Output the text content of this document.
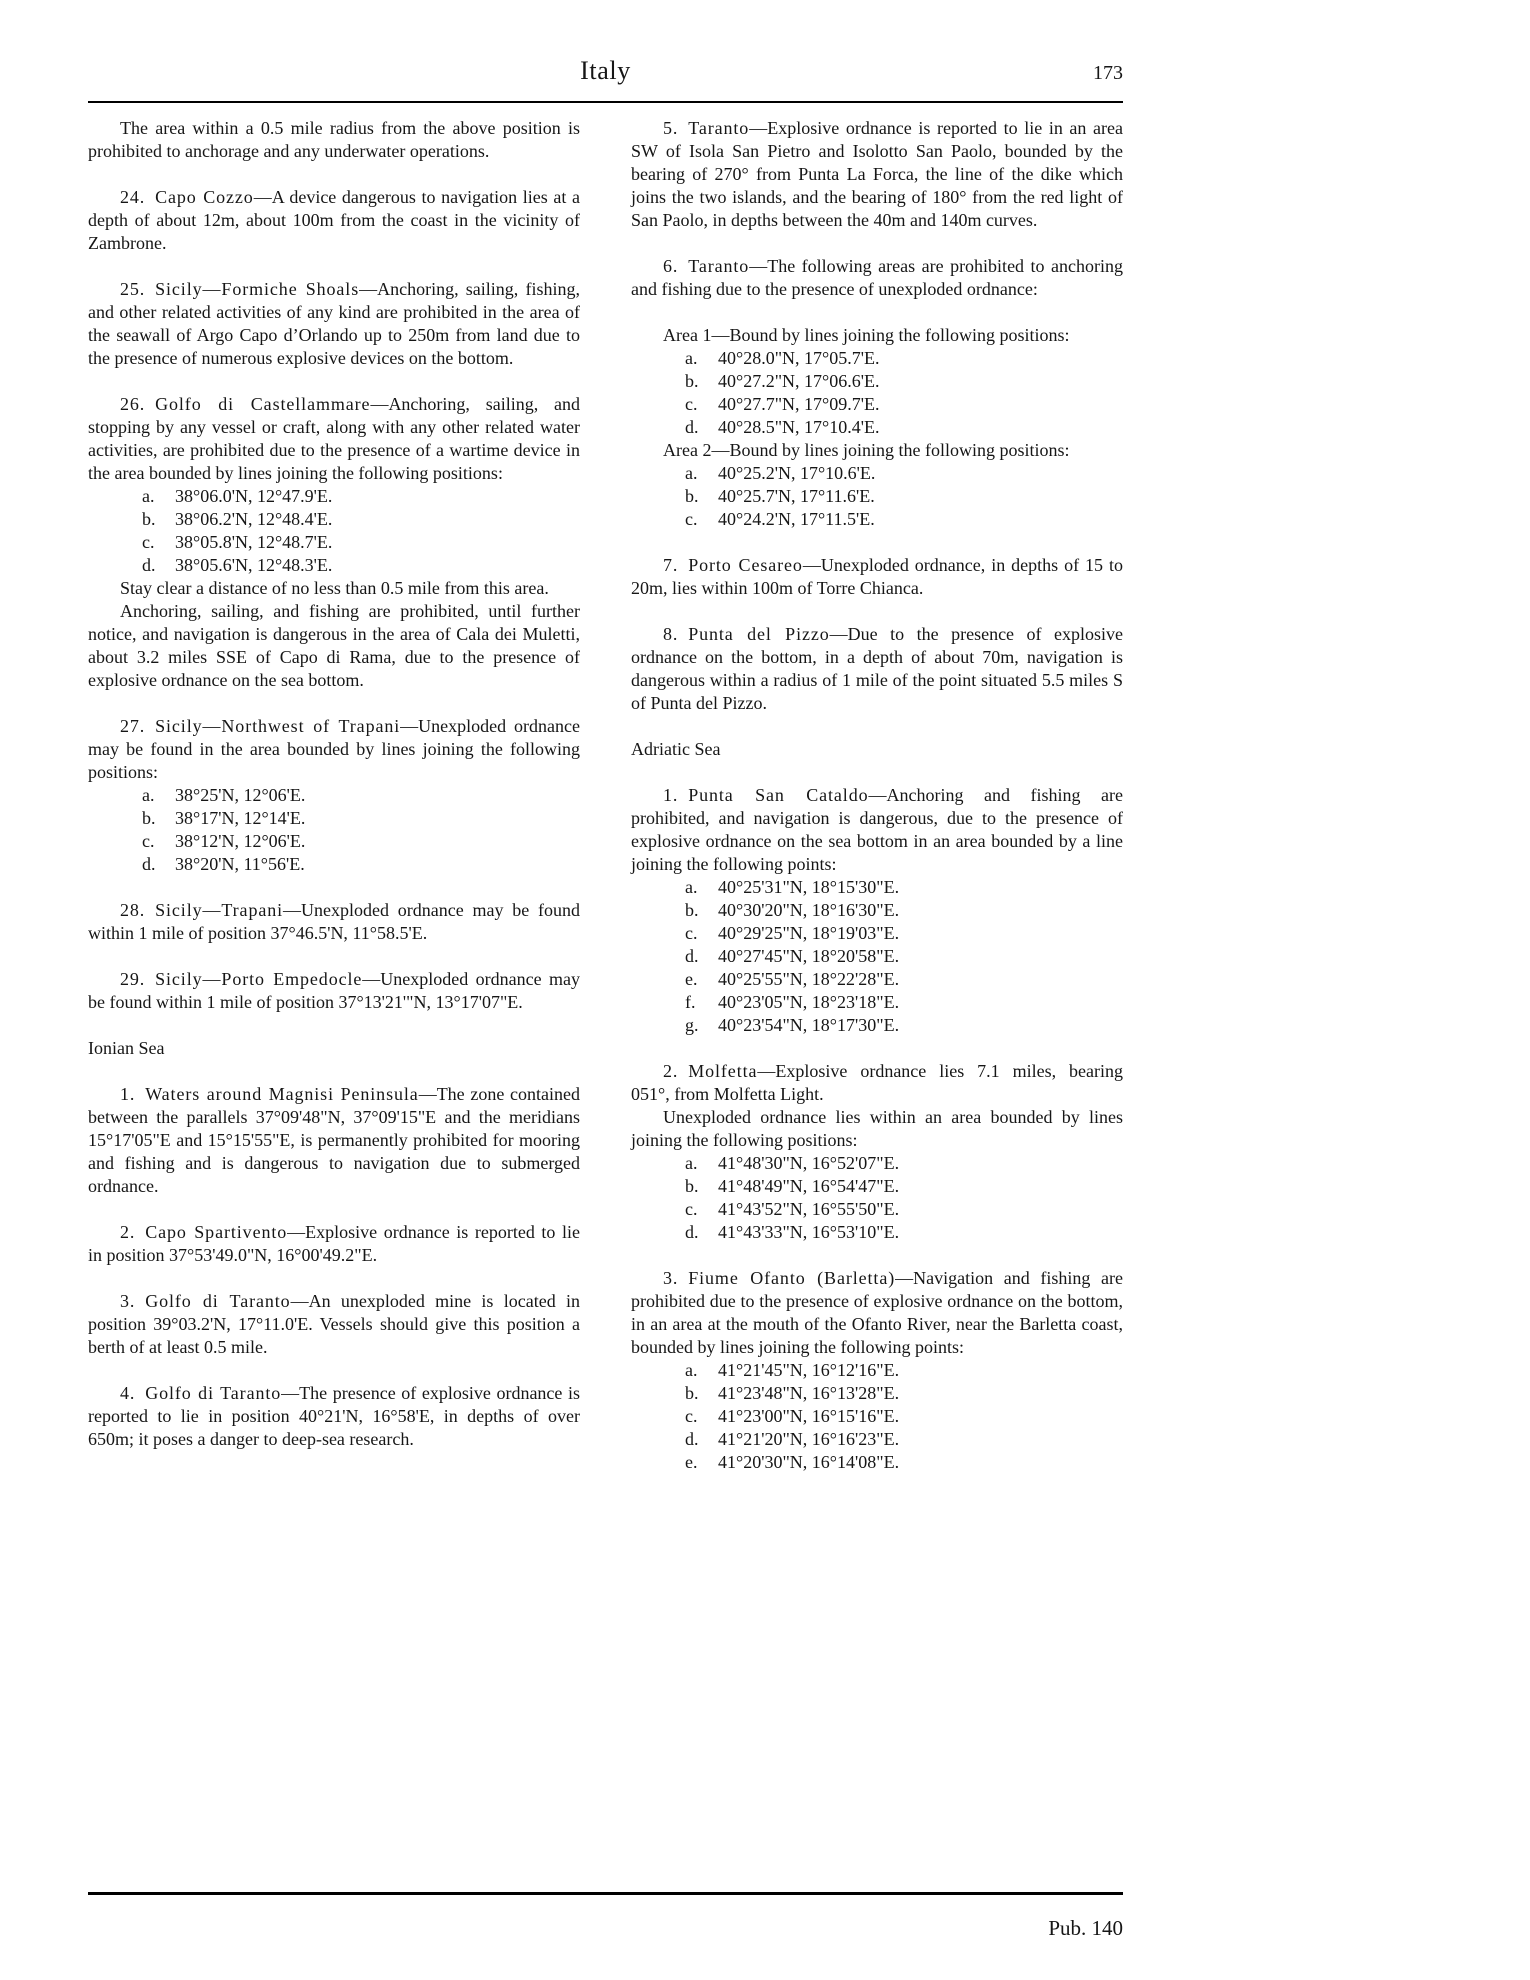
Italy	173
The area within a 0.5 mile radius from the above position is prohibited to anchorage and any underwater operations.
24. Capo Cozzo—A device dangerous to navigation lies at a depth of about 12m, about 100m from the coast in the vicinity of Zambrone.
25. Sicily—Formiche Shoals—Anchoring, sailing, fishing, and other related activities of any kind are prohibited in the area of the seawall of Argo Capo d’Orlando up to 250m from land due to the presence of numerous explosive devices on the bottom.
26. Golfo di Castellammare—Anchoring, sailing, and stopping by any vessel or craft, along with any other related water activities, are prohibited due to the presence of a wartime device in the area bounded by lines joining the following positions:
a. 38°06.0'N, 12°47.9'E.
b. 38°06.2'N, 12°48.4'E.
c. 38°05.8'N, 12°48.7'E.
d. 38°05.6'N, 12°48.3'E.
Stay clear a distance of no less than 0.5 mile from this area.
Anchoring, sailing, and fishing are prohibited, until further notice, and navigation is dangerous in the area of Cala dei Muletti, about 3.2 miles SSE of Capo di Rama, due to the presence of explosive ordnance on the sea bottom.
27. Sicily—Northwest of Trapani—Unexploded ordnance may be found in the area bounded by lines joining the following positions:
a. 38°25'N, 12°06'E.
b. 38°17'N, 12°14'E.
c. 38°12'N, 12°06'E.
d. 38°20'N, 11°56'E.
28. Sicily—Trapani—Unexploded ordnance may be found within 1 mile of position 37°46.5'N, 11°58.5'E.
29. Sicily—Porto Empedocle—Unexploded ordnance may be found within 1 mile of position 37°13'21'"N, 13°17'07"E.
Ionian Sea
1. Waters around Magnisi Peninsula—The zone contained between the parallels 37°09'48"N, 37°09'15"E and the meridians 15°17'05"E and 15°15'55"E, is permanently prohibited for mooring and fishing and is dangerous to navigation due to submerged ordnance.
2. Capo Spartivento—Explosive ordnance is reported to lie in position 37°53'49.0"N, 16°00'49.2"E.
3. Golfo di Taranto—An unexploded mine is located in position 39°03.2'N, 17°11.0'E. Vessels should give this position a berth of at least 0.5 mile.
4. Golfo di Taranto—The presence of explosive ordnance is reported to lie in position 40°21'N, 16°58'E, in depths of over 650m; it poses a danger to deep-sea research.
5. Taranto—Explosive ordnance is reported to lie in an area SW of Isola San Pietro and Isolotto San Paolo, bounded by the bearing of 270° from Punta La Forca, the line of the dike which joins the two islands, and the bearing of 180° from the red light of San Paolo, in depths between the 40m and 140m curves.
6. Taranto—The following areas are prohibited to anchoring and fishing due to the presence of unexploded ordnance:
Area 1—Bound by lines joining the following positions:
a. 40°28.0"N, 17°05.7'E.
b. 40°27.2"N, 17°06.6'E.
c. 40°27.7"N, 17°09.7'E.
d. 40°28.5"N, 17°10.4'E.
Area 2—Bound by lines joining the following positions:
a. 40°25.2'N, 17°10.6'E.
b. 40°25.7'N, 17°11.6'E.
c. 40°24.2'N, 17°11.5'E.
7. Porto Cesareo—Unexploded ordnance, in depths of 15 to 20m, lies within 100m of Torre Chianca.
8. Punta del Pizzo—Due to the presence of explosive ordnance on the bottom, in a depth of about 70m, navigation is dangerous within a radius of 1 mile of the point situated 5.5 miles S of Punta del Pizzo.
Adriatic Sea
1. Punta San Cataldo—Anchoring and fishing are prohibited, and navigation is dangerous, due to the presence of explosive ordnance on the sea bottom in an area bounded by a line joining the following points:
a. 40°25'31"N, 18°15'30"E.
b. 40°30'20"N, 18°16'30"E.
c. 40°29'25"N, 18°19'03"E.
d. 40°27'45"N, 18°20'58"E.
e. 40°25'55"N, 18°22'28"E.
f. 40°23'05"N, 18°23'18"E.
g. 40°23'54"N, 18°17'30"E.
2. Molfetta—Explosive ordnance lies 7.1 miles, bearing 051°, from Molfetta Light.
Unexploded ordnance lies within an area bounded by lines joining the following positions:
a. 41°48'30"N, 16°52'07"E.
b. 41°48'49"N, 16°54'47"E.
c. 41°43'52"N, 16°55'50"E.
d. 41°43'33"N, 16°53'10"E.
3. Fiume Ofanto (Barletta)—Navigation and fishing are prohibited due to the presence of explosive ordnance on the bottom, in an area at the mouth of the Ofanto River, near the Barletta coast, bounded by lines joining the following points:
a. 41°21'45"N, 16°12'16"E.
b. 41°23'48"N, 16°13'28"E.
c. 41°23'00"N, 16°15'16"E.
d. 41°21'20"N, 16°16'23"E.
e. 41°20'30"N, 16°14'08"E.
Pub. 140
